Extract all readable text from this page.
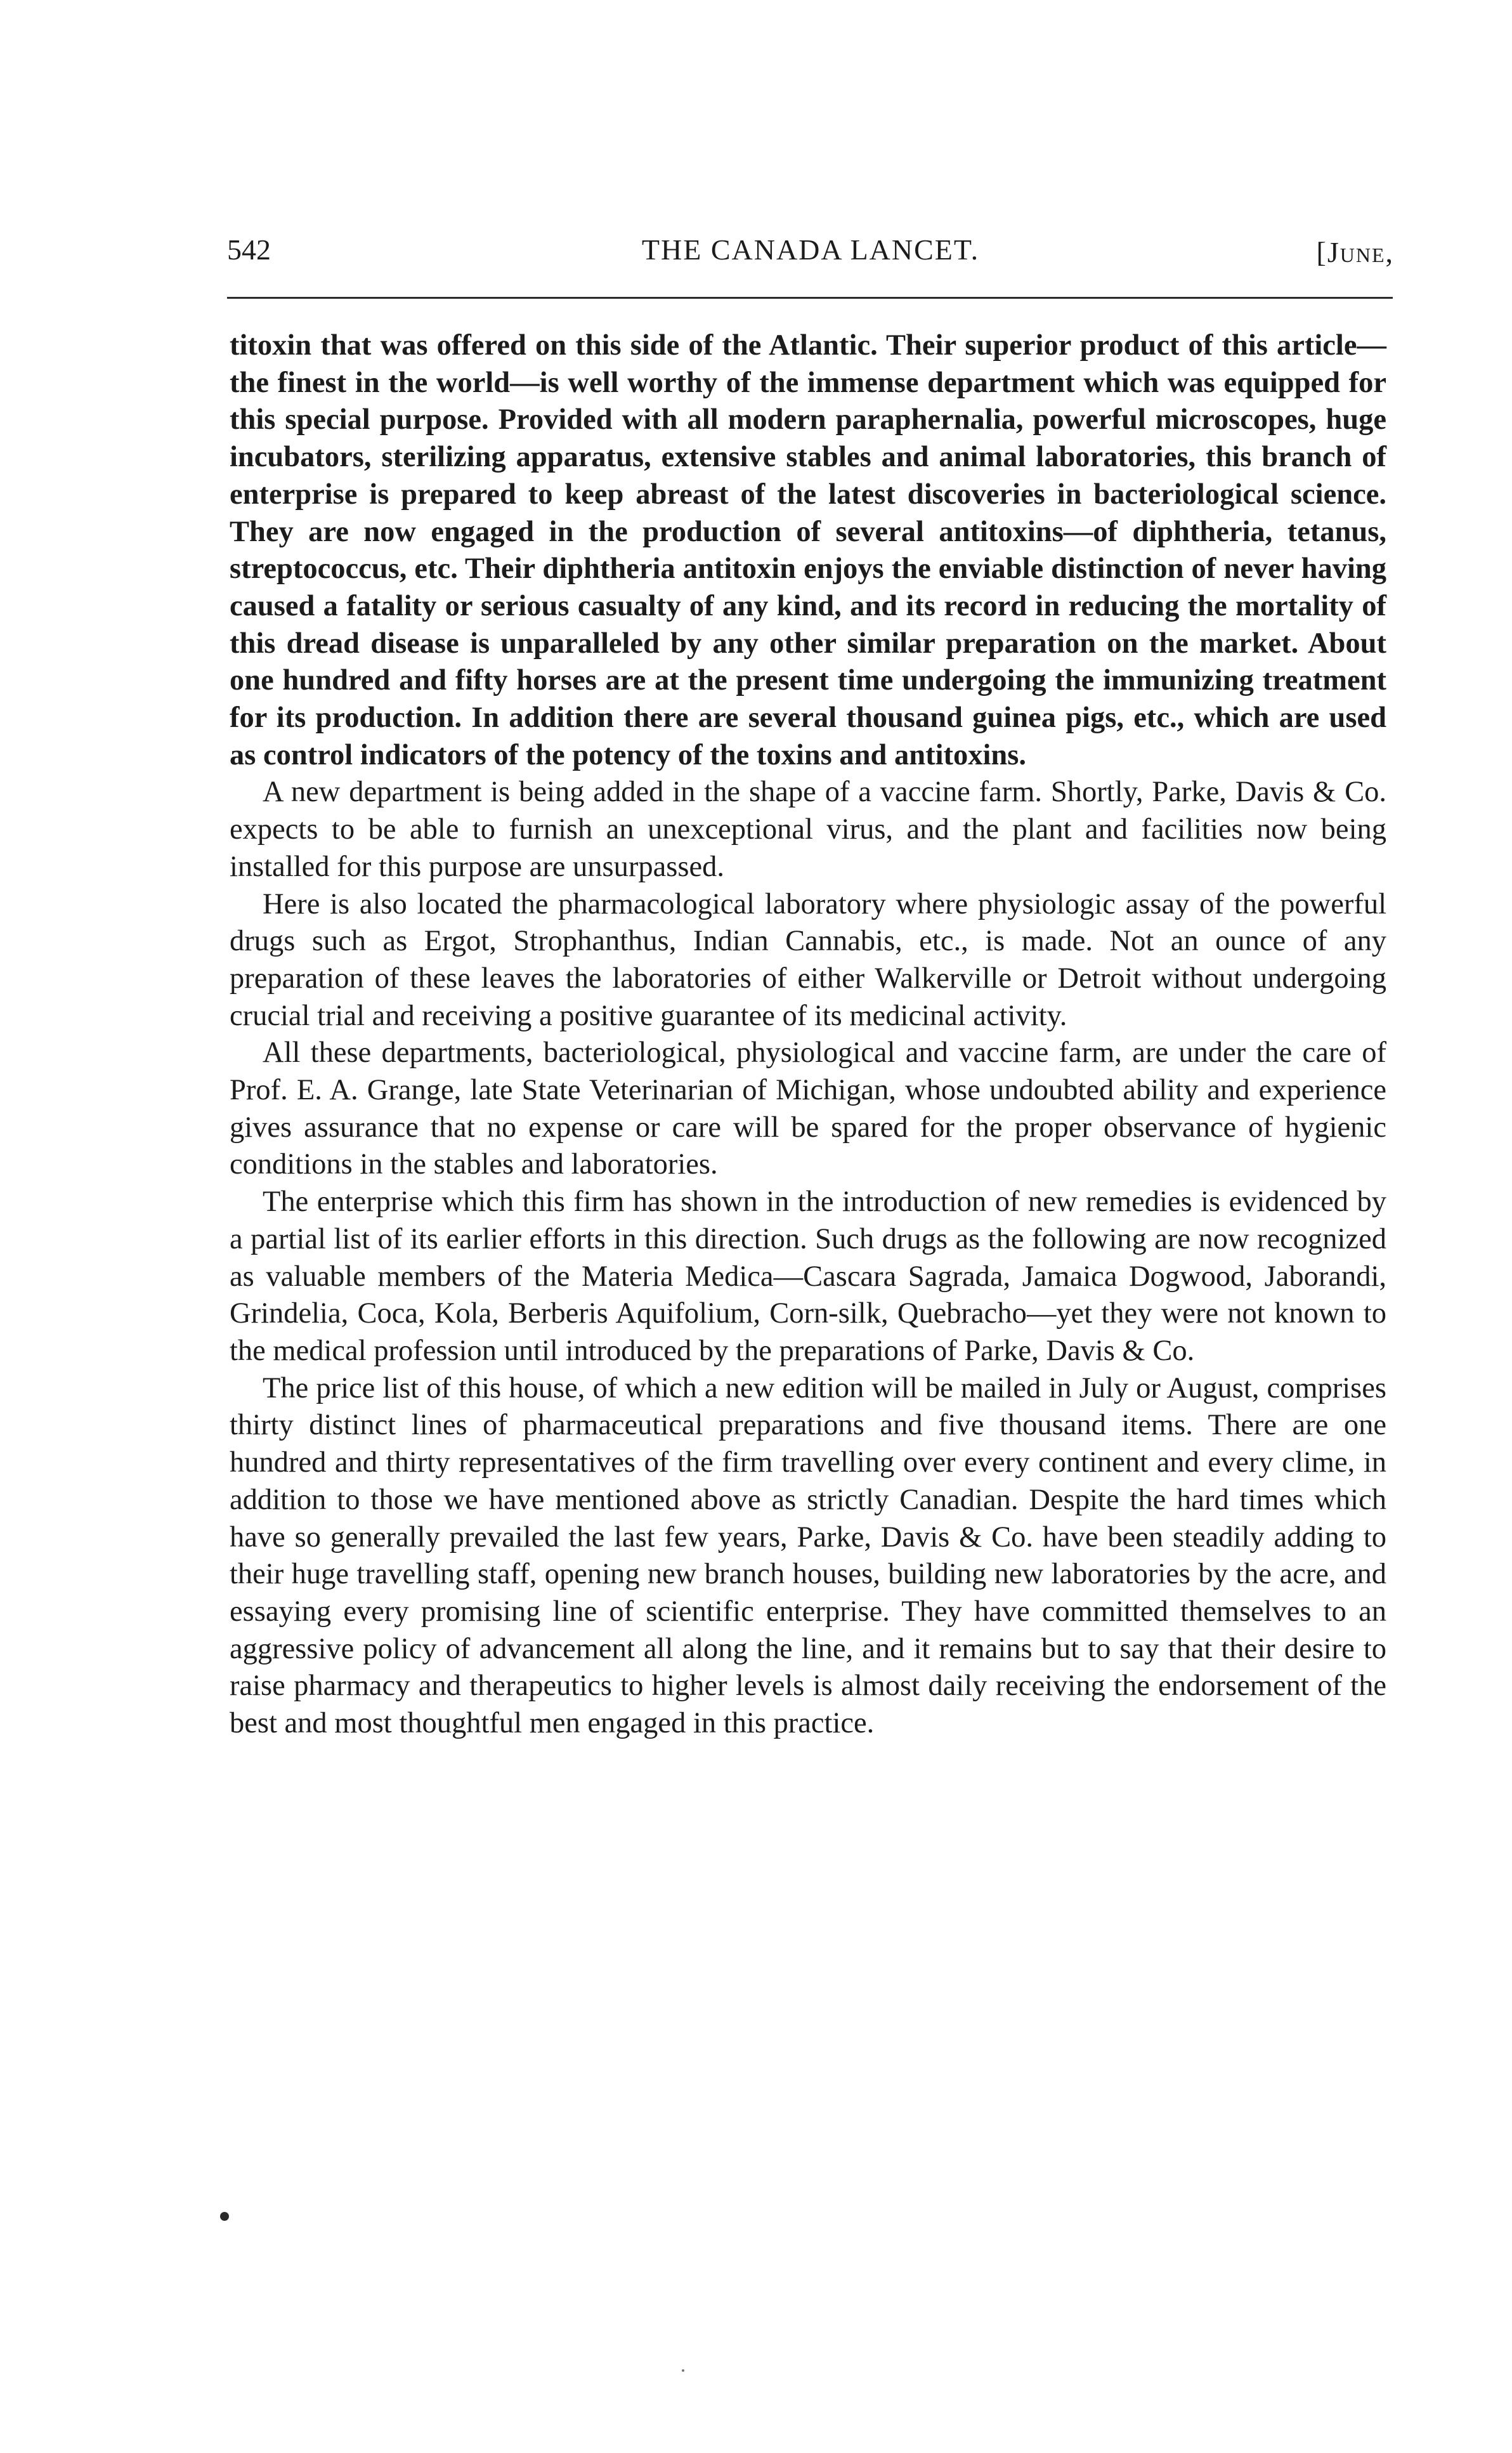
542	THE CANADA LANCET.	[June,

titoxin that was offered on this side of the Atlantic. Their superior product of this article—the finest in the world—is well worthy of the immense department which was equipped for this special purpose. Provided with all modern paraphernalia, powerful microscopes, huge incubators, sterilizing apparatus, extensive stables and animal laboratories, this branch of enterprise is prepared to keep abreast of the latest discoveries in bacteriological science. They are now engaged in the production of several antitoxins—of diphtheria, tetanus, streptococcus, etc. Their diphtheria antitoxin enjoys the enviable distinction of never having caused a fatality or serious casualty of any kind, and its record in reducing the mortality of this dread disease is unparalleled by any other similar preparation on the market. About one hundred and fifty horses are at the present time undergoing the immunizing treatment for its production. In addition there are several thousand guinea pigs, etc., which are used as control indicators of the potency of the toxins and antitoxins.

A new department is being added in the shape of a vaccine farm. Shortly, Parke, Davis & Co. expects to be able to furnish an unexceptional virus, and the plant and facilities now being installed for this purpose are unsurpassed.

Here is also located the pharmacological laboratory where physiologic assay of the powerful drugs such as Ergot, Strophanthus, Indian Cannabis, etc., is made. Not an ounce of any preparation of these leaves the laboratories of either Walkerville or Detroit without undergoing crucial trial and receiving a positive guarantee of its medicinal activity.

All these departments, bacteriological, physiological and vaccine farm, are under the care of Prof. E. A. Grange, late State Veterinarian of Michigan, whose undoubted ability and experience gives assurance that no expense or care will be spared for the proper observance of hygienic conditions in the stables and laboratories.

The enterprise which this firm has shown in the introduction of new remedies is evidenced by a partial list of its earlier efforts in this direction. Such drugs as the following are now recognized as valuable members of the Materia Medica—Cascara Sagrada, Jamaica Dogwood, Jaborandi, Grindelia, Coca, Kola, Berberis Aquifolium, Corn-silk, Quebracho—yet they were not known to the medical profession until introduced by the preparations of Parke, Davis & Co.

The price list of this house, of which a new edition will be mailed in July or August, comprises thirty distinct lines of pharmaceutical preparations and five thousand items. There are one hundred and thirty representatives of the firm travelling over every continent and every clime, in addition to those we have mentioned above as strictly Canadian. Despite the hard times which have so generally prevailed the last few years, Parke, Davis & Co. have been steadily adding to their huge travelling staff, opening new branch houses, building new laboratories by the acre, and essaying every promising line of scientific enterprise. They have committed themselves to an aggressive policy of advancement all along the line, and it remains but to say that their desire to raise pharmacy and therapeutics to higher levels is almost daily receiving the endorsement of the best and most thoughtful men engaged in this practice.
